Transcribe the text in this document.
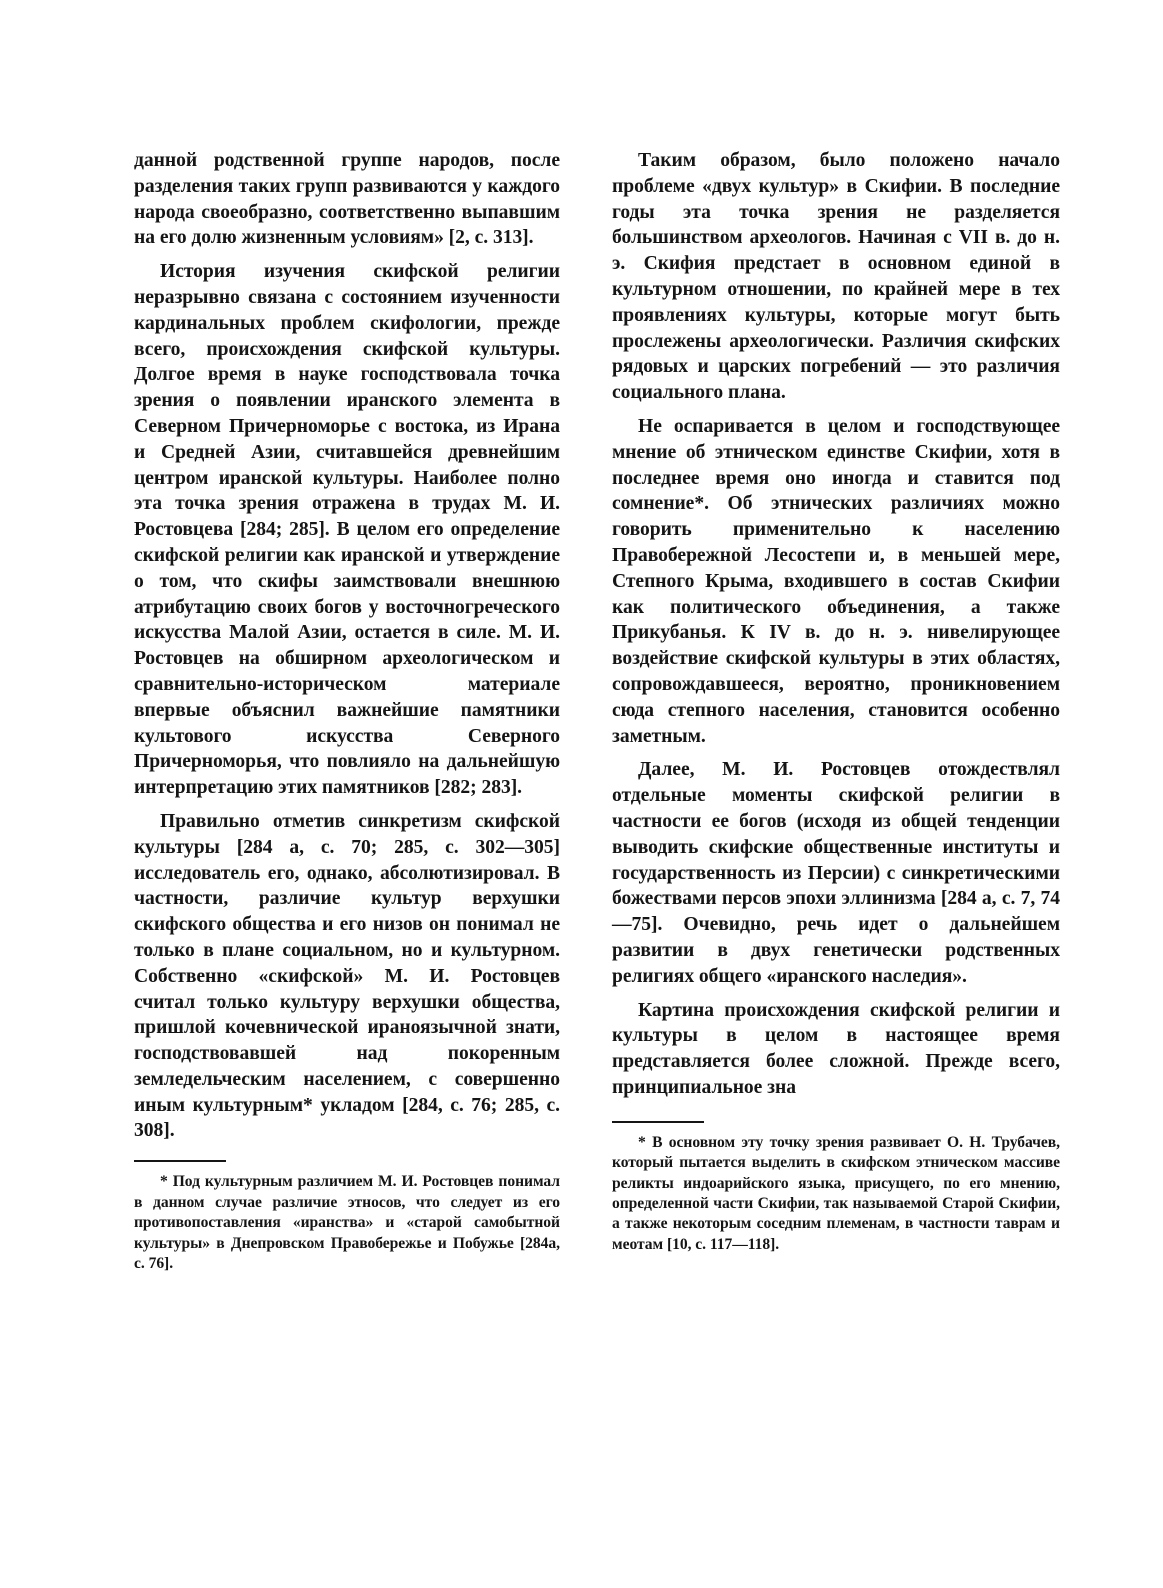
данной родственной группе народов, после разделения таких групп развиваются у каждого народа своеобразно, соответственно выпавшим на его долю жизненным условиям» [2, с. 313].

История изучения скифской религии неразрывно связана с состоянием изученности кардинальных проблем скифологии, прежде всего, происхождения скифской культуры. Долгое время в науке господствовала точка зрения о появлении иранского элемента в Северном Причерноморье с востока, из Ирана и Средней Азии, считавшейся древнейшим центром иранской культуры. Наиболее полно эта точка зрения отражена в трудах М. И. Ростовцева [284; 285]. В целом его определение скифской религии как иранской и утверждение о том, что скифы заимствовали внешнюю атрибутацию своих богов у восточногреческого искусства Малой Азии, остается в силе. М. И. Ростовцев на обширном археологическом и сравнительно-историческом материале впервые объяснил важнейшие памятники культового искусства Северного Причерноморья, что повлияло на дальнейшую интерпретацию этих памятников [282; 283].

Правильно отметив синкретизм скифской культуры [284 а, с. 70; 285, с. 302—305] исследователь его, однако, абсолютизировал. В частности, различие культур верхушки скифского общества и его низов он понимал не только в плане социальном, но и культурном. Собственно «скифской» М. И. Ростовцев считал только культуру верхушки общества, пришлой кочевнической ираноязычной знати, господствовавшей над покоренным земледельческим населением, с совершенно иным культурным* укладом [284, с. 76; 285, с. 308].

* Под культурным различием М. И. Ростовцев понимал в данном случае различие этносов, что следует из его противопоставления «иранства» и «старой самобытной культуры» в Днепровском Правобережье и Побужье [284а, с. 76].

Таким образом, было положено начало проблеме «двух культур» в Скифии. В последние годы эта точка зрения не разделяется большинством археологов. Начиная с VII в. до н. э. Скифия предстает в основном единой в культурном отношении, по крайней мере в тех проявлениях культуры, которые могут быть прослежены археологически. Различия скифских рядовых и царских погребений — это различия социального плана.

Не оспаривается в целом и господствующее мнение об этническом единстве Скифии, хотя в последнее время оно иногда и ставится под сомнение*. Об этнических различиях можно говорить применительно к населению Правобережной Лесостепи и, в меньшей мере, Степного Крыма, входившего в состав Скифии как политического объединения, а также Прикубанья. К IV в. до н. э. нивелирующее воздействие скифской культуры в этих областях, сопровождавшееся, вероятно, проникновением сюда степного населения, становится особенно заметным.

Далее, М. И. Ростовцев отождествлял отдельные моменты скифской религии в частности ее богов (исходя из общей тенденции выводить скифские общественные институты и государственность из Персии) с синкретическими божествами персов эпохи эллинизма [284 а, с. 7, 74—75]. Очевидно, речь идет о дальнейшем развитии в двух генетически родственных религиях общего «иранского наследия».

Картина происхождения скифской религии и культуры в целом в настоящее время представляется более сложной. Прежде всего, принципиальное зна

* В основном эту точку зрения развивает О. Н. Трубачев, который пытается выделить в скифском этническом массиве реликты индоарийского языка, присущего, по его мнению, определенной части Скифии, так называемой Старой Скифии, а также некоторым соседним племенам, в частности таврам и меотам [10, с. 117—118].
